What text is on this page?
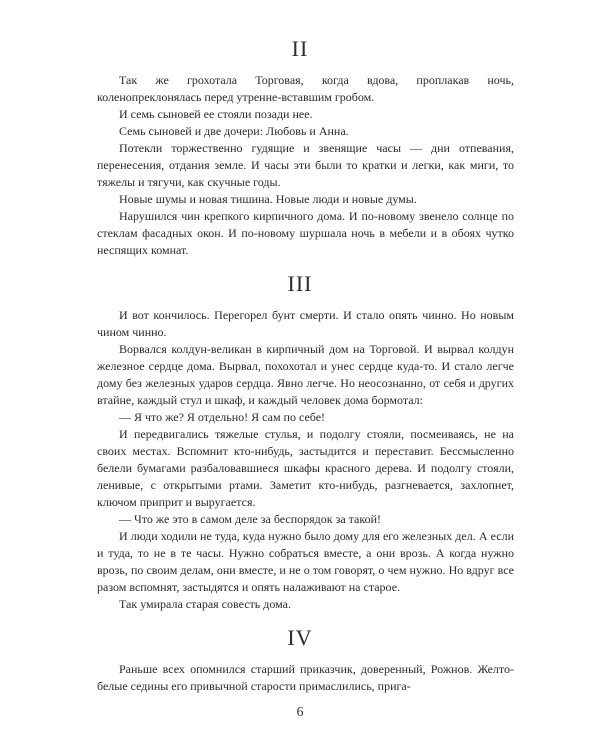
II
Так же грохотала Торговая, когда вдова, проплакав ночь, коленопреклонялась перед утренне-вставшим гробом.
И семь сыновей ее стояли позади нее.
Семь сыновей и две дочери: Любовь и Анна.
Потекли торжественно гудящие и звенящие часы — дни отпевания, перенесения, отдания земле. И часы эти были то кратки и легки, как миги, то тяжелы и тягучи, как скучные годы.
Новые шумы и новая тишина. Новые люди и новые думы.
Нарушился чин крепкого кирпичного дома. И по-новому звенело солнце по стеклам фасадных окон. И по-новому шуршала ночь в мебели и в обоях чутко неспящих комнат.
III
И вот кончилось. Перегорел бунт смерти. И стало опять чинно. Но новым чином чинно.
Ворвался колдун-великан в кирпичный дом на Торговой. И вырвал колдун железное сердце дома. Вырвал, похохотал и унес сердце куда-то. И стало легче дому без железных ударов сердца. Явно легче. Но неосознанно, от себя и других втайне, каждый стул и шкаф, и каждый человек дома бормотал:
— Я что же? Я отдельно! Я сам по себе!
И передвигались тяжелые стулья, и подолгу стояли, посмеиваясь, не на своих местах. Вспомнит кто-нибудь, застыдится и переставит. Бессмысленно белели бумагами разбаловавшиеся шкафы красного дерева. И подолгу стояли, ленивые, с открытыми ртами. Заметит кто-нибудь, разгневается, захлопнет, ключом приприт и выругается.
— Что же это в самом деле за беспорядок за такой!
И люди ходили не туда, куда нужно было дому для его железных дел. А если и туда, то не в те часы. Нужно собраться вместе, а они врозь. А когда нужно врозь, по своим делам, они вместе, и не о том говорят, о чем нужно. Но вдруг все разом вспомнят, застыдятся и опять налаживают на старое.
Так умирала старая совесть дома.
IV
Раньше всех опомнился старший приказчик, доверенный, Рожнов. Желто-белые седины его привычной старости примаслились, прига-
6
